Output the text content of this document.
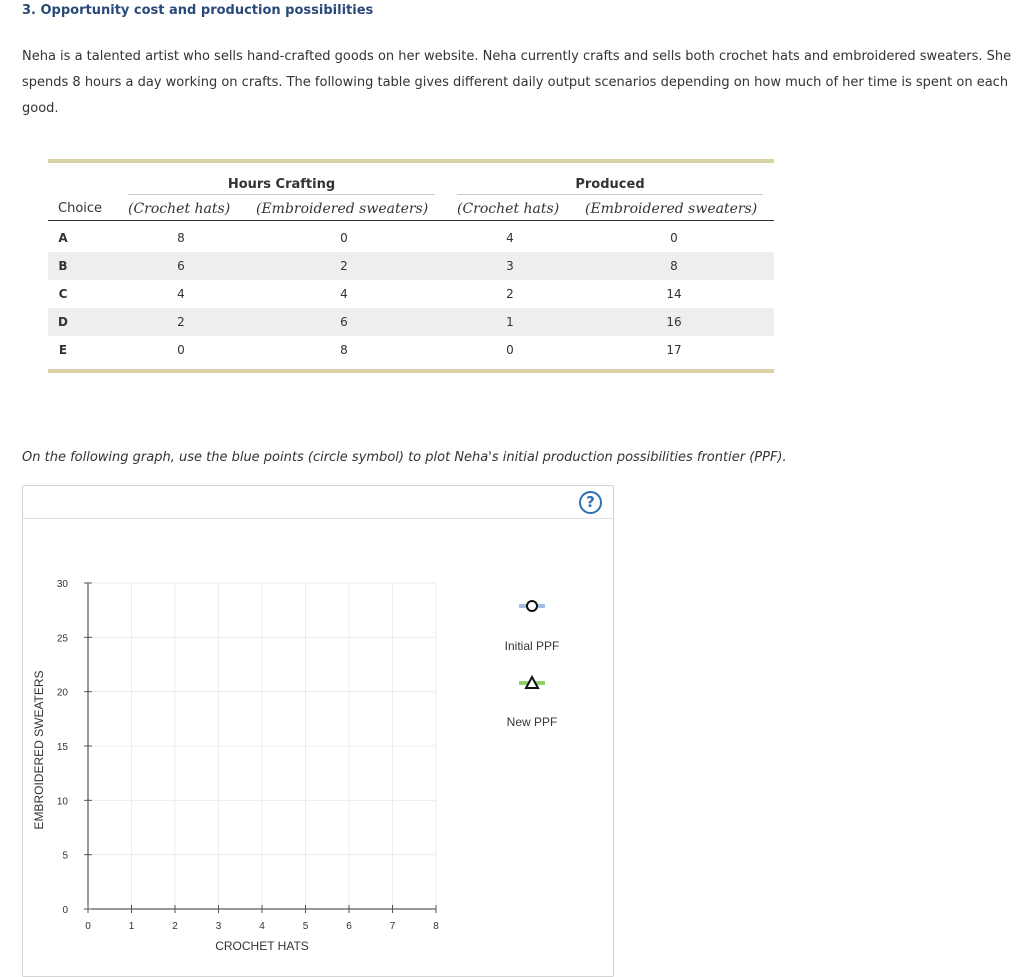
3. Opportunity cost and production possibilities
Neha is a talented artist who sells hand-crafted goods on her website. Neha currently crafts and sells both crochet hats and embroidered sweaters. She spends 8 hours a day working on crafts. The following table gives different daily output scenarios depending on how much of her time is spent on each good.
Hours Crafting	Produced
Choice (Crochet hats) (Embroidered sweaters) (Crochet hats) (Embroidered sweaters)
A	8	0	4	0
B	6	2	3	8
C	4	4	2	14
D	2	6	1	16
E	0	8	0	17
On the following graph, use the blue points (circle symbol) to plot Neha's initial production possibilities frontier (PPF).
?
0	1	2	3	4	5	6	7	8
0
5
10
15
20
25
30
CROCHET HATS
EMBROIDERED SWEATERS
Initial PPF
New PPF
